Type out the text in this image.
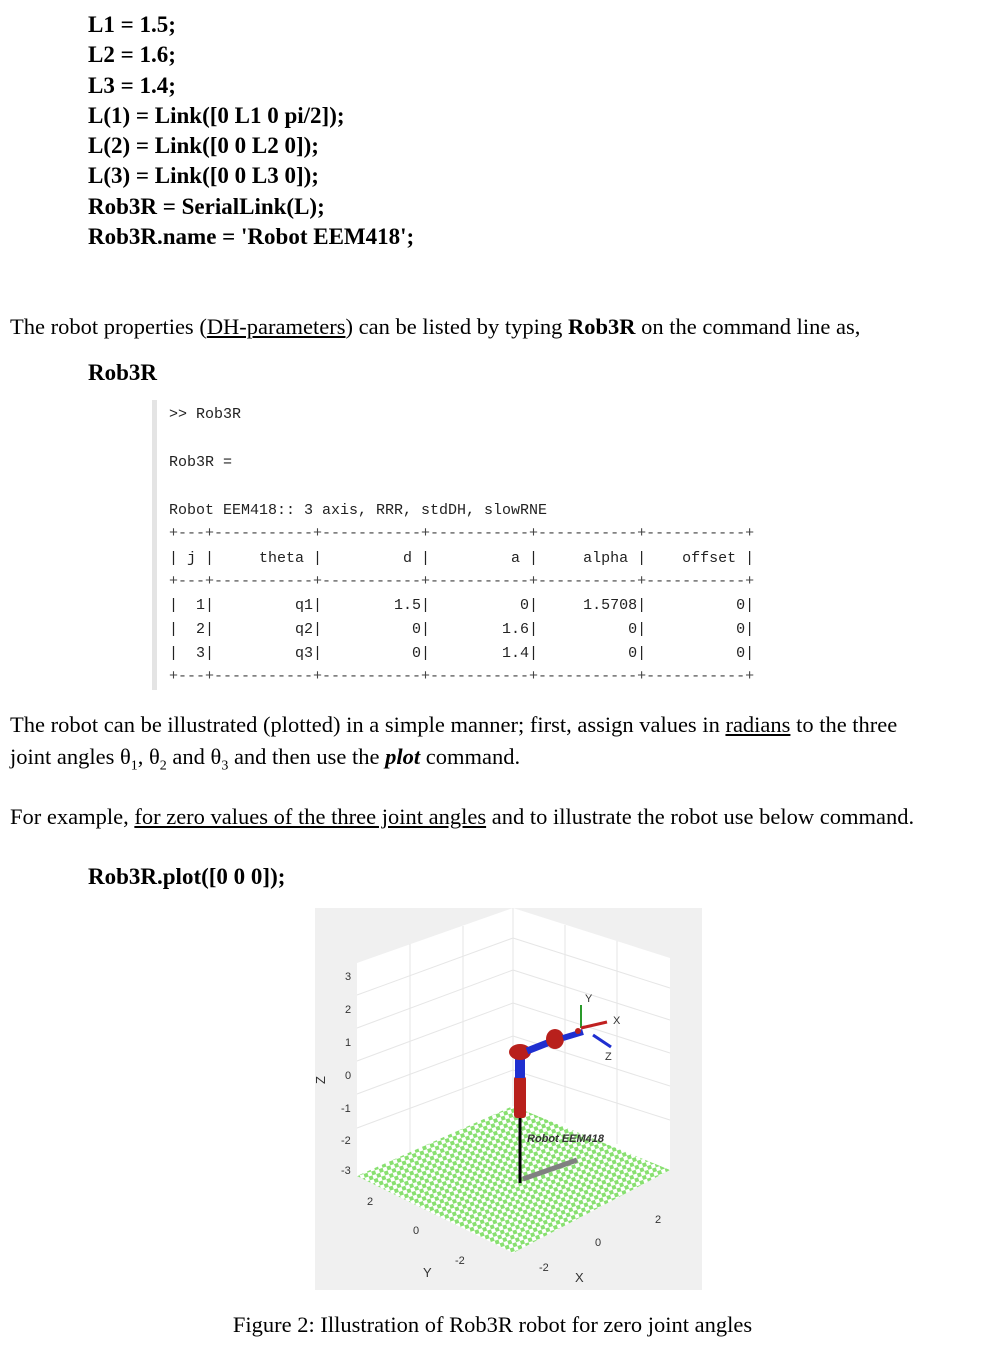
L1 = 1.5;
L2 = 1.6;
L3 = 1.4;
L(1) = Link([0 L1 0 pi/2]);
L(2) = Link([0 0 L2 0]);
L(3) = Link([0 0 L3 0]);
Rob3R = SerialLink(L);
Rob3R.name = 'Robot EEM418';
The robot properties (DH-parameters) can be listed by typing Rob3R on the command line as,
Rob3R
>> Rob3R
Rob3R =
Robot EEM418:: 3 axis, RRR, stdDH, slowRNE
+---+-----------+-----------+-----------+-----------+-----------+
| j |     theta |         d |         a |     alpha |    offset |
+---+-----------+-----------+-----------+-----------+-----------+
|  1|         q1|        1.5|          0|     1.5708|          0|
|  2|         q2|          0|        1.6|          0|          0|
|  3|         q3|          0|        1.4|          0|          0|
+---+-----------+-----------+-----------+-----------+-----------+
The robot can be illustrated (plotted) in a simple manner; first, assign values in radians to the three
joint angles $\theta_1$, $\theta_2$ and $\theta_3$ and then use the plot command.
For example, for zero values of the three joint angles and to illustrate the robot use below command.
Rob3R.plot([0 0 0]);
Y
X
Z
Robot EEM418
3
2
1
0
-1
-2
-3
Z
2
0
-2
Y	-2
0
2
X
Figure 2: Illustration of Rob3R robot for zero joint angles
